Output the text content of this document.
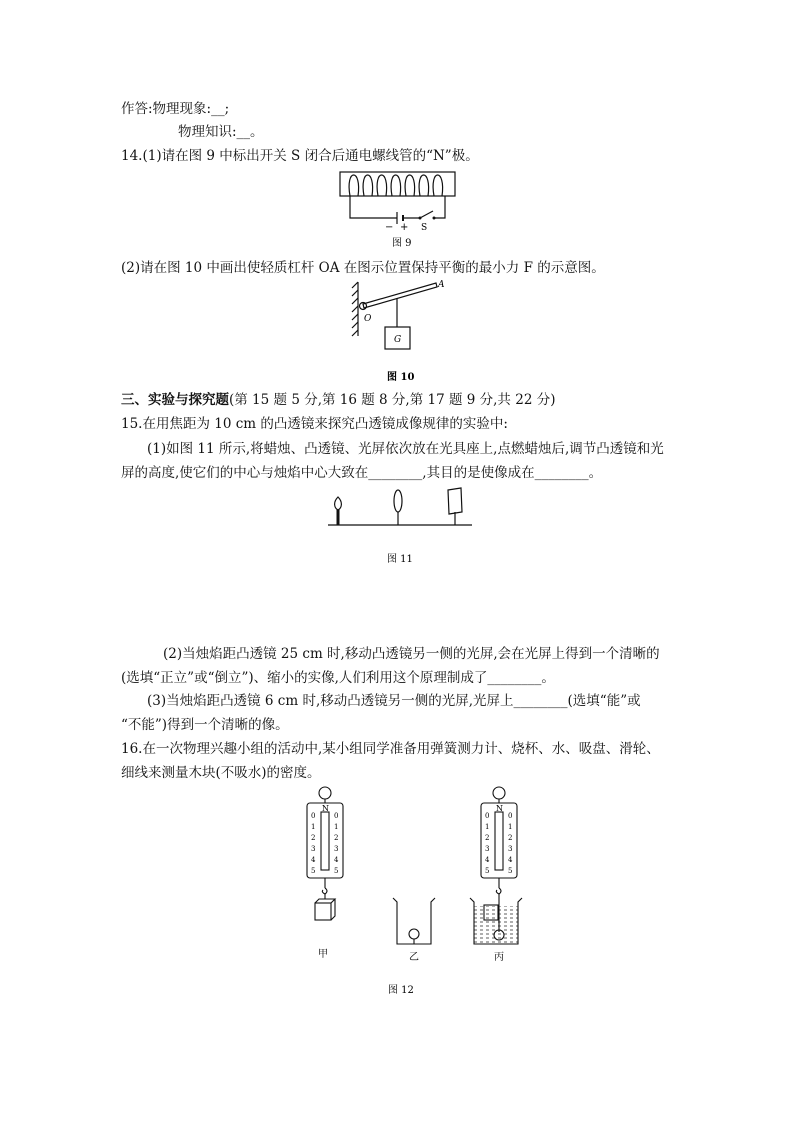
作答:物理现象:__;
物理知识:__。
14.(1)请在图 9 中标出开关 S 闭合后通电螺线管的“N”极。
− + S
图 9
(2)请在图 10 中画出使轻质杠杆 OA 在图示位置保持平衡的最小力 F 的示意图。
A
O
G
图 10
三、实验与探究题(第 15 题 5 分,第 16 题 8 分,第 17 题 9 分,共 22 分)
15.在用焦距为 10 cm 的凸透镜来探究凸透镜成像规律的实验中:
(1)如图 11 所示,将蜡烛、凸透镜、光屏依次放在光具座上,点燃蜡烛后,调节凸透镜和光
屏的高度,使它们的中心与烛焰中心大致在________,其目的是使像成在________。
图 11
(2)当烛焰距凸透镜 25 cm 时,移动凸透镜另一侧的光屏,会在光屏上得到一个清晰的
(选填“正立”或“倒立”)、缩小的实像,人们利用这个原理制成了________。
(3)当烛焰距凸透镜 6 cm 时,移动凸透镜另一侧的光屏,光屏上________(选填“能”或
“不能”)得到一个清晰的像。
16.在一次物理兴趣小组的活动中,某小组同学准备用弹簧测力计、烧杯、水、吸盘、滑轮、
细线来测量木块(不吸水)的密度。
N
0	0
1	1
2	2
3	3
4	4
5	5
甲	乙
0	0
1	1
2	2
3	3
4	4
5	5
N
丙
图 12
